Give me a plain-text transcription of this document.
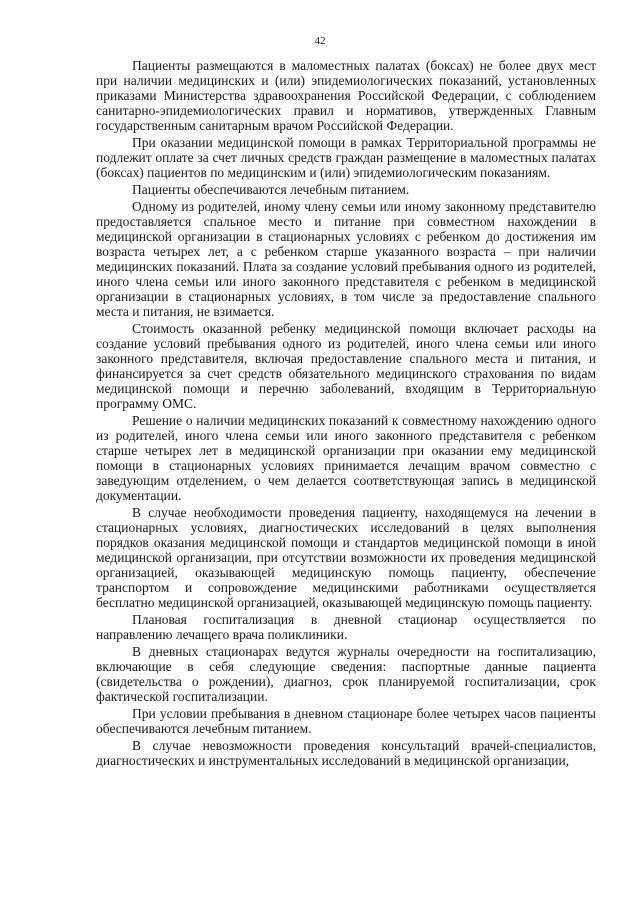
42

Пациенты размещаются в маломестных палатах (боксах) не более двух мест при наличии медицинских и (или) эпидемиологических показаний, установленных приказами Министерства здравоохранения Российской Федерации, с соблюдением санитарно-эпидемиологических правил и нормативов, утвержденных Главным государственным санитарным врачом Российской Федерации.

При оказании медицинской помощи в рамках Территориальной программы не подлежит оплате за счет личных средств граждан размещение в маломестных палатах (боксах) пациентов по медицинским и (или) эпидемиологическим показаниям.

Пациенты обеспечиваются лечебным питанием.

Одному из родителей, иному члену семьи или иному законному представителю предоставляется спальное место и питание при совместном нахождении в медицинской организации в стационарных условиях с ребенком до достижения им возраста четырех лет, а с ребенком старше указанного возраста – при наличии медицинских показаний. Плата за создание условий пребывания одного из родителей, иного члена семьи или иного законного представителя с ребенком в медицинской организации в стационарных условиях, в том числе за предоставление спального места и питания, не взимается.

Стоимость оказанной ребенку медицинской помощи включает расходы на создание условий пребывания одного из родителей, иного члена семьи или иного законного представителя, включая предоставление спального места и питания, и финансируется за счет средств обязательного медицинского страхования по видам медицинской помощи и перечню заболеваний, входящим в Территориальную программу ОМС.

Решение о наличии медицинских показаний к совместному нахождению одного из родителей, иного члена семьи или иного законного представителя с ребенком старше четырех лет в медицинской организации при оказании ему медицинской помощи в стационарных условиях принимается лечащим врачом совместно с заведующим отделением, о чем делается соответствующая запись в медицинской документации.

В случае необходимости проведения пациенту, находящемуся на лечении в стационарных условиях, диагностических исследований в целях выполнения порядков оказания медицинской помощи и стандартов медицинской помощи в иной медицинской организации, при отсутствии возможности их проведения медицинской организацией, оказывающей медицинскую помощь пациенту, обеспечение транспортом и сопровождение медицинскими работниками осуществляется бесплатно медицинской организацией, оказывающей медицинскую помощь пациенту.

Плановая госпитализация в дневной стационар осуществляется по направлению лечащего врача поликлиники.

В дневных стационарах ведутся журналы очередности на госпитализацию, включающие в себя следующие сведения: паспортные данные пациента (свидетельства о рождении), диагноз, срок планируемой госпитализации, срок фактической госпитализации.

При условии пребывания в дневном стационаре более четырех часов пациенты обеспечиваются лечебным питанием.

В случае невозможности проведения консультаций врачей-специалистов, диагностических и инструментальных исследований в медицинской организации,
